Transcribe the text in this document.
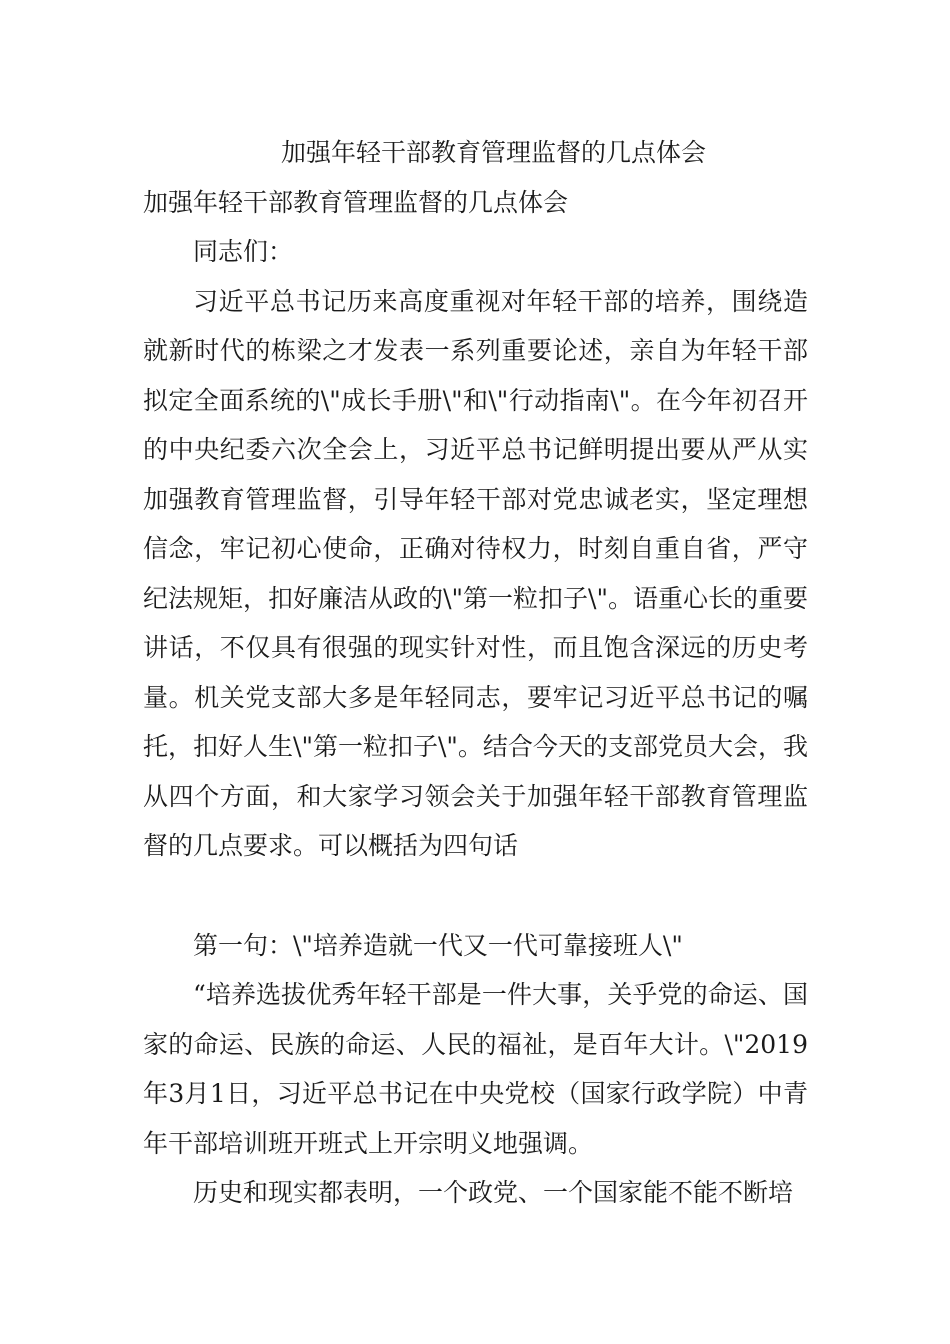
加强年轻干部教育管理监督的几点体会
加强年轻干部教育管理监督的几点体会

同志们：

习近平总书记历来高度重视对年轻干部的培养，围绕造就新时代的栋梁之才发表一系列重要论述，亲自为年轻干部拟定全面系统的\"成长手册\"和\"行动指南\"。在今年初召开的中央纪委六次全会上，习近平总书记鲜明提出要从严从实加强教育管理监督，引导年轻干部对党忠诚老实，坚定理想信念，牢记初心使命，正确对待权力，时刻自重自省，严守纪法规矩，扣好廉洁从政的\"第一粒扣子\"。语重心长的重要讲话，不仅具有很强的现实针对性，而且饱含深远的历史考量。机关党支部大多是年轻同志，要牢记习近平总书记的嘱托，扣好人生\"第一粒扣子\"。结合今天的支部党员大会，我从四个方面，和大家学习领会关于加强年轻干部教育管理监督的几点要求。可以概括为四句话

第一句：\"培养造就一代又一代可靠接班人\"

“培养选拔优秀年轻干部是一件大事，关乎党的命运、国家的命运、民族的命运、人民的福祉，是百年大计。\"2019年3月1日，习近平总书记在中央党校（国家行政学院）中青年干部培训班开班式上开宗明义地强调。

历史和现实都表明，一个政党、一个国家能不能不断培
